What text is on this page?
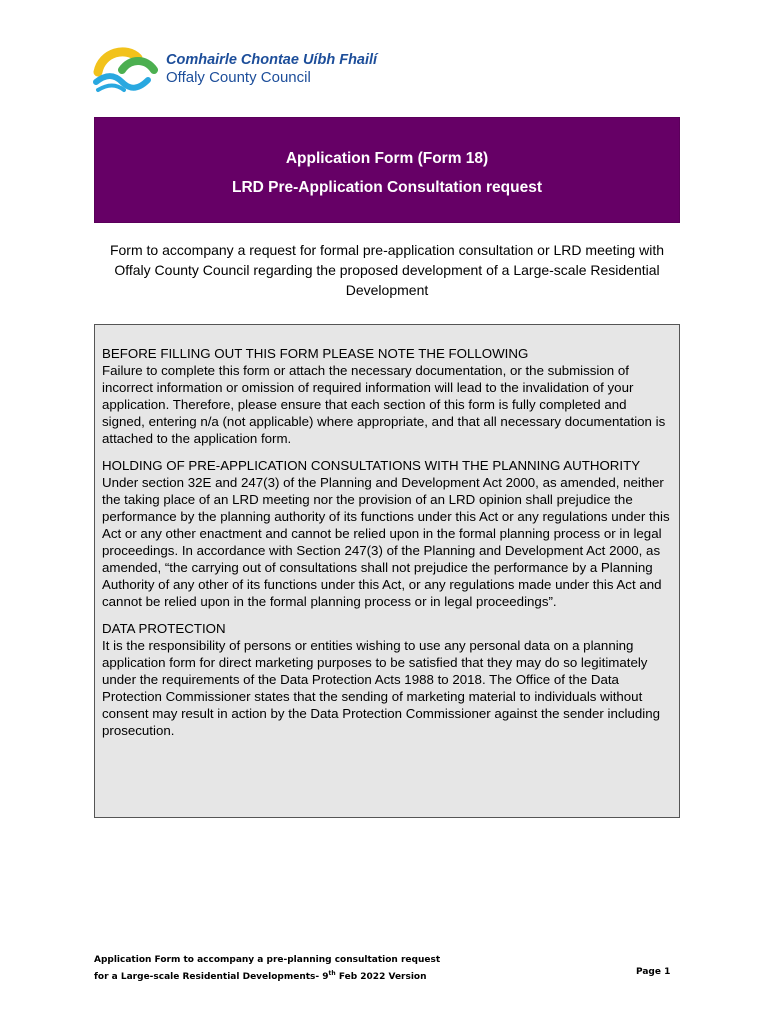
Comhairle Chontae Uíbh Fhailí
Offaly County Council
Application Form (Form 18)
LRD Pre-Application Consultation request
Form to accompany a request for formal pre-application consultation or LRD meeting with Offaly County Council regarding the proposed development of a Large-scale Residential Development

BEFORE FILLING OUT THIS FORM PLEASE NOTE THE FOLLOWING
Failure to complete this form or attach the necessary documentation, or the submission of incorrect information or omission of required information will lead to the invalidation of your application. Therefore, please ensure that each section of this form is fully completed and signed, entering n/a (not applicable) where appropriate, and that all necessary documentation is attached to the application form.

HOLDING OF PRE-APPLICATION CONSULTATIONS WITH THE PLANNING AUTHORITY Under section 32E and 247(3) of the Planning and Development Act 2000, as amended, neither the taking place of an LRD meeting nor the provision of an LRD opinion shall prejudice the performance by the planning authority of its functions under this Act or any regulations under this Act or any other enactment and cannot be relied upon in the formal planning process or in legal proceedings. In accordance with Section 247(3) of the Planning and Development Act 2000, as amended, “the carrying out of consultations shall not prejudice the performance by a Planning Authority of any other of its functions under this Act, or any regulations made under this Act and cannot be relied upon in the formal planning process or in legal proceedings”.

DATA PROTECTION
It is the responsibility of persons or entities wishing to use any personal data on a planning application form for direct marketing purposes to be satisfied that they may do so legitimately under the requirements of the Data Protection Acts 1988 to 2018. The Office of the Data Protection Commissioner states that the sending of marketing material to individuals without consent may result in action by the Data Protection Commissioner against the sender including prosecution.

Application Form to accompany a pre-planning consultation request
for a Large-scale Residential Developments- 9th Feb 2022 Version	Page 1
